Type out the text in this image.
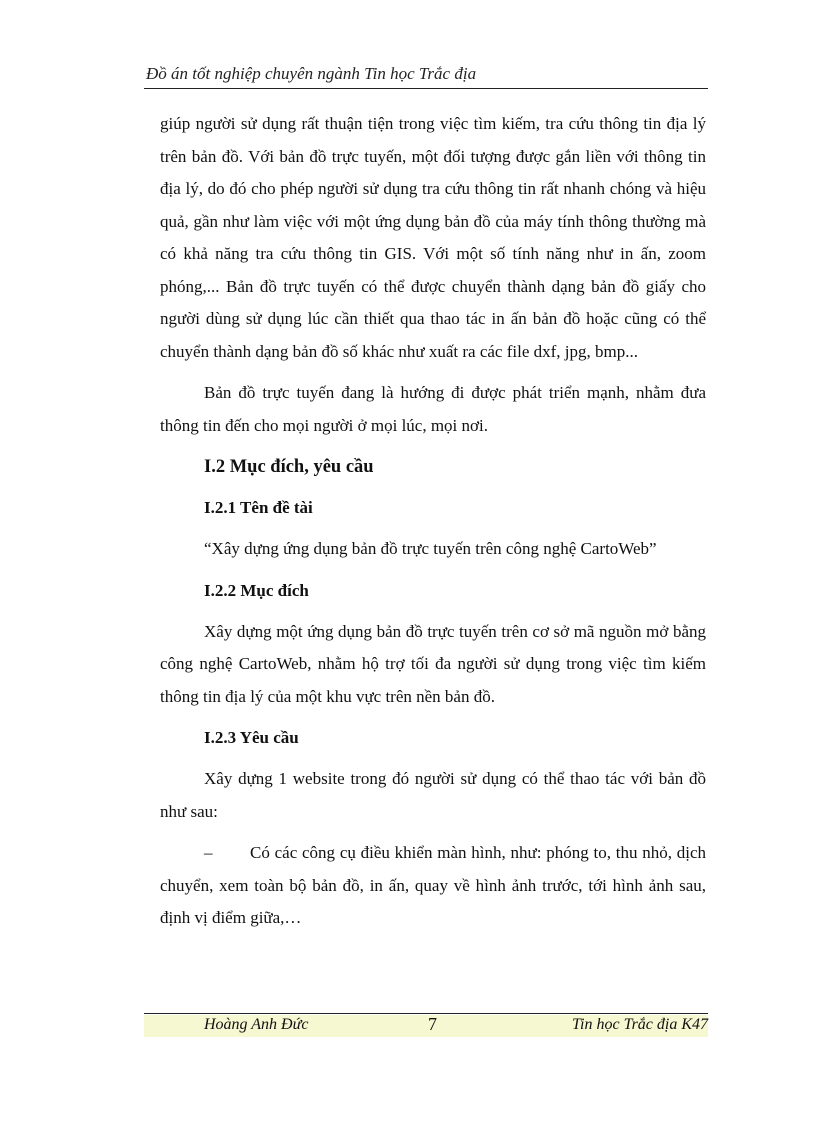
Đồ án tốt nghiệp chuyên ngành Tin học Trắc địa

giúp người sử dụng rất thuận tiện trong việc tìm kiếm, tra cứu thông tin địa lý trên bản đồ. Với bản đồ trực tuyến, một đối tượng được gắn liền với thông tin địa lý, do đó cho phép người sử dụng tra cứu thông tin rất nhanh chóng và hiệu quả, gần như làm việc với một ứng dụng bản đồ của máy tính thông thường mà có khả năng tra cứu thông tin GIS. Với một số tính năng như in ấn, zoom phóng,... Bản đồ trực tuyến có thể được chuyển thành dạng bản đồ giấy cho người dùng sử dụng lúc cần thiết qua thao tác in ấn bản đồ hoặc cũng có thể chuyển thành dạng bản đồ số khác như xuất ra các file dxf, jpg, bmp...

Bản đồ trực tuyến đang là hướng đi được phát triển mạnh, nhằm đưa thông tin đến cho mọi người ở mọi lúc, mọi nơi.

I.2 Mục đích, yêu cầu

I.2.1 Tên đề tài

“Xây dựng ứng dụng bản đồ trực tuyến trên công nghệ CartoWeb”

I.2.2 Mục đích

Xây dựng một ứng dụng bản đồ trực tuyến trên cơ sở mã nguồn mở bằng công nghệ CartoWeb, nhằm hộ trợ tối đa người sử dụng trong việc tìm kiếm thông tin địa lý của một khu vực trên nền bản đồ.

I.2.3 Yêu cầu

Xây dựng 1 website trong đó người sử dụng có thể thao tác với bản đồ như sau:

– Có các công cụ điều khiển màn hình, như: phóng to, thu nhỏ, dịch chuyển, xem toàn bộ bản đồ, in ấn, quay về hình ảnh trước, tới hình ảnh sau, định vị điểm giữa,…

Hoàng Anh Đức	7	Tin học Trắc địa K47
